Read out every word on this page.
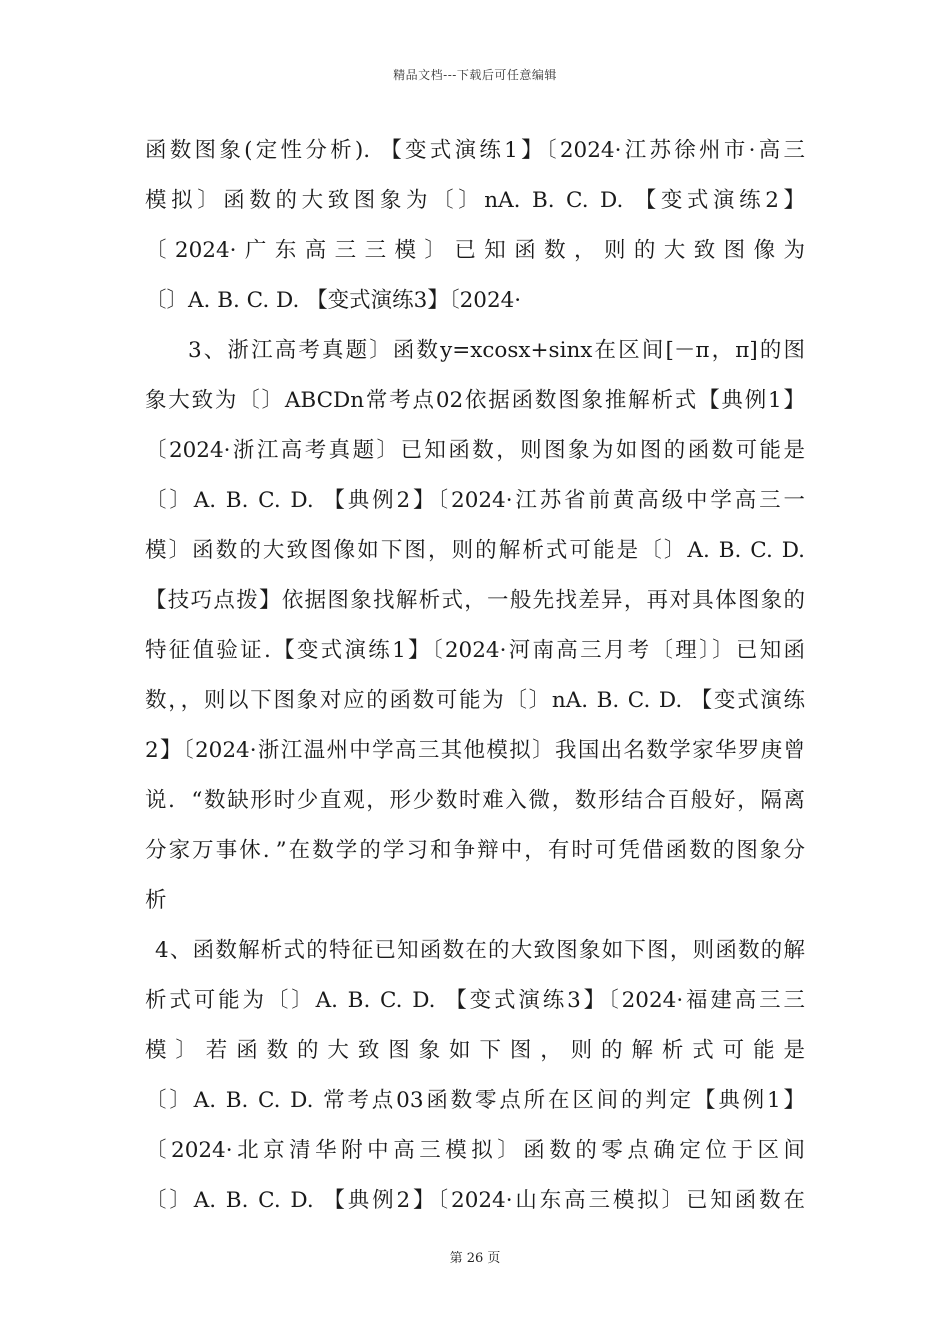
精品文档---下载后可任意编辑
函数图象(定性分析). 【变式演练1】〔2024·江苏徐州市·高三
模拟〕函数的大致图象为〔〕nA. B. C. D. 【变式演练2】
〔2024·广东高三三模〕已知函数，则的大致图像为
〔〕A. B. C. D. 【变式演练3】〔2024·
3、浙江高考真题〕函数y=xcosx+sinx在区间[－π，π]的图
象大致为〔〕ABCDn常考点02依据函数图象推解析式【典例1】
〔2024·浙江高考真题〕已知函数，则图象为如图的函数可能是
〔〕A. B. C. D. 【典例2】〔2024·江苏省前黄高级中学高三一
模〕函数的大致图像如下图，则的解析式可能是〔〕A. B. C. D.
【技巧点拨】依据图象找解析式，一般先找差异，再对具体图象的
特征值验证.【变式演练1】〔2024·河南高三月考〔理〕〕已知函
数，，则以下图象对应的函数可能为〔〕nA. B. C. D. 【变式演练
2】〔2024·浙江温州中学高三其他模拟〕我国出名数学家华罗庚曾
说．“数缺形时少直观，形少数时难入微，数形结合百般好，隔离
分家万事休．”在数学的学习和争辩中，有时可凭借函数的图象分
析
4、函数解析式的特征已知函数在的大致图象如下图，则函数的解
析式可能为〔〕A. B. C. D. 【变式演练3】〔2024·福建高三三
模〕若函数的大致图象如下图，则的解析式可能是
〔〕A. B. C. D. 常考点03函数零点所在区间的判定【典例1】
〔2024·北京清华附中高三模拟〕函数的零点确定位于区间
〔〕A. B. C. D. 【典例2】〔2024·山东高三模拟〕已知函数在
第 26 页
